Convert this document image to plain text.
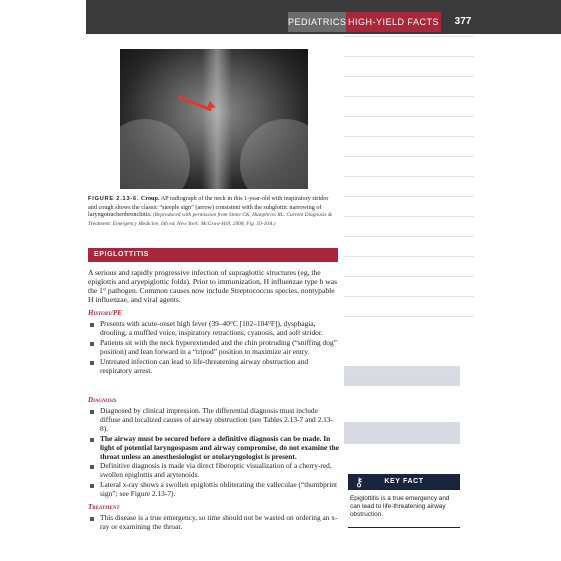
PEDIATRICS HIGH-YIELD FACTS IN
377
FIGURE 2.13-6. Croup. AP radiograph of the neck in this 1-year-old with inspiratory stridor and cough shows the classic “steeple sign” (arrow) consistent with the subglottic narrowing of laryngotracheobronchitis. (Reproduced with permission from Stone CK, Humphries RL. Current Diagnosis & Treatment: Emergency Medicine, 6th ed. New York: McGraw-Hill, 2008, Fig. 50-10A.)
EPIGLOTTITIS
A serious and rapidly progressive infection of supraglottic structures (eg, the epiglottis and aryepiglottic folds). Prior to immunization, H influenzae type b was the 1° pathogen. Common causes now include Streptococcus species, nontypable H influenzae, and viral agents.
History/PE
Presents with acute-onset high fever (39–40°C [102–104°F]), dysphagia, drooling, a muffled voice, inspiratory retractions, cyanosis, and soft stridor.
Patients sit with the neck hyperextended and the chin protruding (“sniffing dog” position) and lean forward in a “tripod” position to maximize air entry.
Untreated infection can lead to life-threatening airway obstruction and respiratory arrest.
Diagnosis
Diagnosed by clinical impression. The differential diagnosis must include diffuse and localized causes of airway obstruction (see Tables 2.13-7 and 2.13-8).
The airway must be secured before a definitive diagnosis can be made. In light of potential laryngospasm and airway compromise, do not examine the throat unless an anesthesiologist or otolaryngologist is present.
Definitive diagnosis is made via direct fiberoptic visualization of a cherry-red, swollen epiglottis and arytenoids.
Lateral x-ray shows a swollen epiglottis obliterating the valleculae (“thumbprint sign”; see Figure 2.13-7).
Treatment
This disease is a true emergency, so time should not be wasted on ordering an x-ray or examining the throat.
KEY FACT
⚷
Epiglottitis is a true emergency and can lead to life-threatening airway obstruction.
